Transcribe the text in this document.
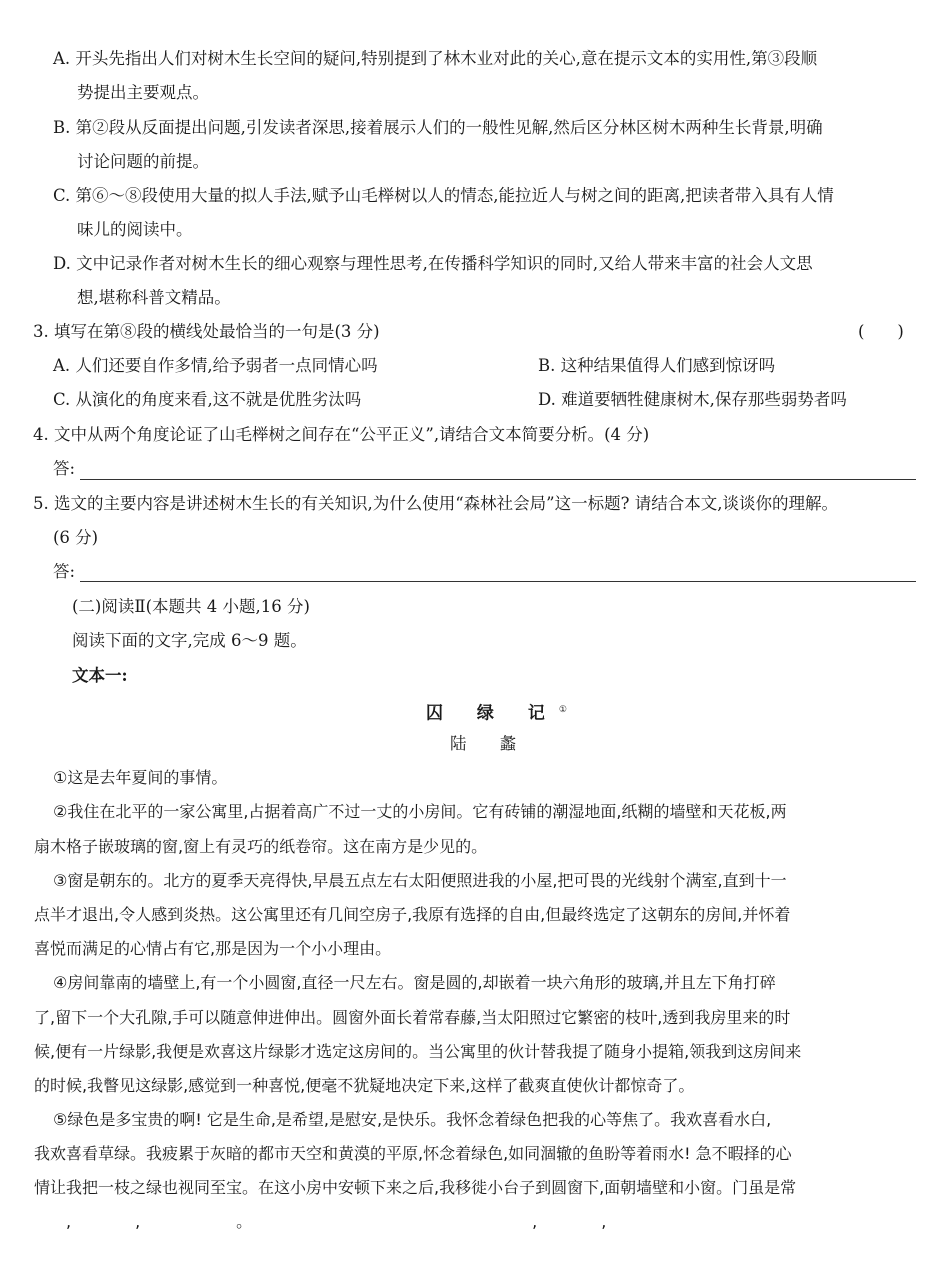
A. 开头先指出人们对树木生长空间的疑问,特别提到了林木业对此的关心,意在提示文本的实用性,第③段顺
势提出主要观点。
B. 第②段从反面提出问题,引发读者深思,接着展示人们的一般性见解,然后区分林区树木两种生长背景,明确
讨论问题的前提。
C. 第⑥～⑧段使用大量的拟人手法,赋予山毛榉树以人的情态,能拉近人与树之间的距离,把读者带入具有人情
味儿的阅读中。
D. 文中记录作者对树木生长的细心观察与理性思考,在传播科学知识的同时,又给人带来丰富的社会人文思
想,堪称科普文精品。
3. 填写在第⑧段的横线处最恰当的一句是(3 分)	(　　)
A. 人们还要自作多情,给予弱者一点同情心吗	B. 这种结果值得人们感到惊讶吗
C. 从演化的角度来看,这不就是优胜劣汰吗	D. 难道要牺牲健康树木,保存那些弱势者吗
4. 文中从两个角度论证了山毛榉树之间存在“公平正义”,请结合文本简要分析。(4 分)
答:
5. 选文的主要内容是讲述树木生长的有关知识,为什么使用“森林社会局”这一标题? 请结合本文,谈谈你的理解。
(6 分)
答:
(二)阅读Ⅱ(本题共 4 小题,16 分)
阅读下面的文字,完成 6～9 题。
文本一:
囚 绿 记①
陆 蠡
①这是去年夏间的事情。
②我住在北平的一家公寓里,占据着高广不过一丈的小房间。它有砖铺的潮湿地面,纸糊的墙壁和天花板,两
扇木格子嵌玻璃的窗,窗上有灵巧的纸卷帘。这在南方是少见的。
③窗是朝东的。北方的夏季天亮得快,早晨五点左右太阳便照进我的小屋,把可畏的光线射个满室,直到十一
点半才退出,令人感到炎热。这公寓里还有几间空房子,我原有选择的自由,但最终选定了这朝东的房间,并怀着
喜悦而满足的心情占有它,那是因为一个小小理由。
④房间靠南的墙壁上,有一个小圆窗,直径一尺左右。窗是圆的,却嵌着一块六角形的玻璃,并且左下角打碎
了,留下一个大孔隙,手可以随意伸进伸出。圆窗外面长着常春藤,当太阳照过它繁密的枝叶,透到我房里来的时
候,便有一片绿影,我便是欢喜这片绿影才选定这房间的。当公寓里的伙计替我提了随身小提箱,领我到这房间来
的时候,我瞥见这绿影,感觉到一种喜悦,便毫不犹疑地决定下来,这样了截爽直使伙计都惊奇了。
⑤绿色是多宝贵的啊! 它是生命,是希望,是慰安,是快乐。我怀念着绿色把我的心等焦了。我欢喜看水白,
我欢喜看草绿。我疲累于灰暗的都市天空和黄漠的平原,怀念着绿色,如同涸辙的鱼盼等着雨水! 急不暇择的心
情让我把一枝之绿也视同至宝。在这小房中安顿下来之后,我移徙小台子到圆窗下,面朝墙壁和小窗。门虽是常
,　　　　,　　　　　　。　　　　　　　　　　　　　　　　　　,　　　　,
